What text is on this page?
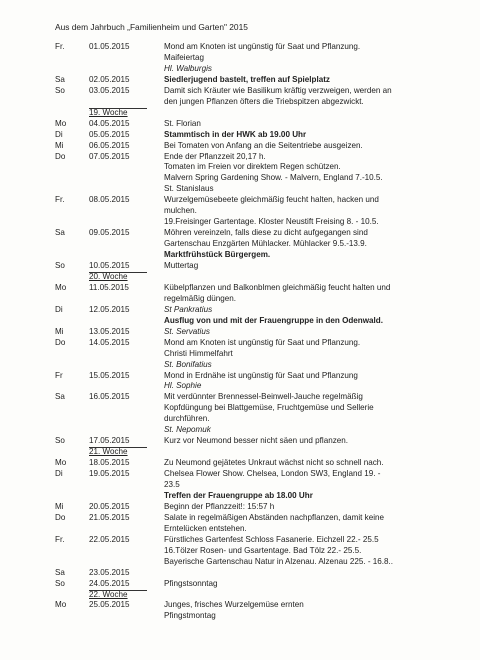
Aus dem Jahrbuch „Familienheim und Garten" 2015
Fr.	01.05.2015	Mond am Knoten ist ungünstig für Saat und Pflanzung.
Maifeiertag
Hl. Walburgis
Sa	02.05.2015	Siedlerjugend bastelt, treffen auf Spielplatz
So	03.05.2015	Damit sich Kräuter wie Basilikum kräftig verzweigen, werden an
den jungen Pflanzen öfters die Triebspitzen abgezwickt.
19. Woche
Mo	04.05.2015	St. Florian
Di	05.05.2015	Stammtisch in der HWK ab 19.00 Uhr
Mi	06.05.2015	Bei Tomaten von Anfang an die Seitentriebe ausgeizen.
Do	07.05.2015	Ende der Pflanzzeit 20,17 h.
Tomaten im Freien vor direktem Regen schützen.
Malvern Spring Gardening Show. - Malvern, England 7.-10.5.
St. Stanislaus
Fr.	08.05.2015	Wurzelgemüsebeete gleichmäßig feucht halten, hacken und
mulchen.
19.Freisinger Gartentage. Kloster Neustift Freising 8. - 10.5.
Sa	09.05.2015	Möhren vereinzeln, falls diese zu dicht aufgegangen sind
Gartenschau Enzgärten Mühlacker. Mühlacker 9.5.-13.9.
Marktfrühstück Bürgergem.
So	10.05.2015	Muttertag
20. Woche
Mo	11.05.2015	Kübelpflanzen und Balkonblmen gleichmäßig feucht halten und
regelmäßig düngen.
Di	12.05.2015	St Pankratius
Ausflug von und mit der Frauengruppe in den Odenwald.
Mi	13.05.2015	St. Servatius
Do	14.05.2015	Mond am Knoten ist ungünstig für Saat und Pflanzung.
Christi Himmelfahrt
St. Bonifatius
Fr	15.05.2015	Mond in Erdnähe ist ungünstig für Saat und Pflanzung
Hl. Sophie
Sa	16.05.2015	Mit verdünnter Brennessel-Beinwell-Jauche regelmäßig
Kopfdüngung bei Blattgemüse, Fruchtgemüse und Sellerie
durchführen.
St. Nepomuk
So	17.05.2015	Kurz vor Neumond besser nicht säen und pflanzen.
21. Woche
Mo	18.05.2015	Zu Neumond gejätetes Unkraut wächst nicht so schnell nach.
Di	19.05.2015	Chelsea Flower Show. Chelsea, London SW3, England 19. -
23.5
Treffen der Frauengruppe ab 18.00 Uhr
Mi	20.05.2015	Beginn der Pflanzzeit!: 15:57 h
Do	21.05.2015	Salate in regelmäßigen Abständen nachpflanzen, damit keine
Erntelücken entstehen.
Fr.	22.05.2015	Fürstliches Gartenfest Schloss Fasanerie. Eichzell 22.- 25.5
16.Tölzer Rosen- und Gsartentage. Bad Tölz 22.- 25.5.
Bayerische Gartenschau Natur in Alzenau. Alzenau 225. - 16.8..
Sa	23.05.2015
So	24.05.2015	Pfingstsonntag
22. Woche
Mo	25.05.2015	Junges, frisches Wurzelgemüse ernten
Pfingstmontag
